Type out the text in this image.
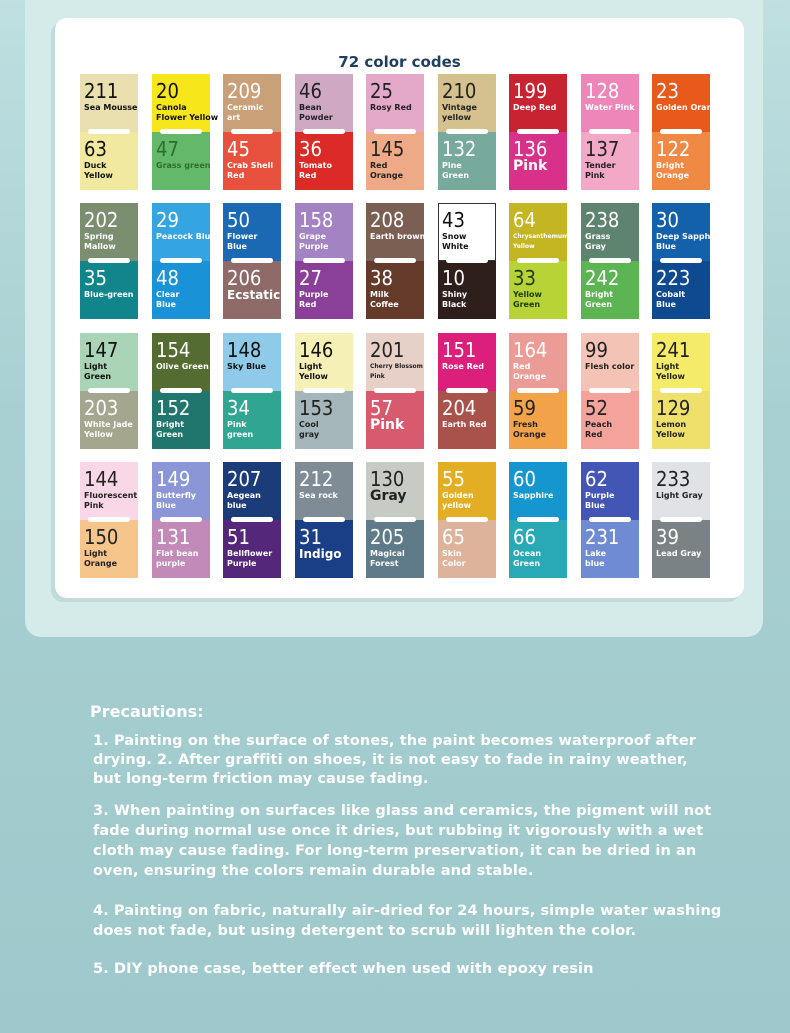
72 color codes
211
Sea Mousse
63
Duck
Yellow
20
Canola
Flower Yellow
47
Grass green
209
Ceramic
art
45
Crab Shell
Red
46
Bean
Powder
36
Tomato
Red
25
Rosy Red
145
Red
Orange
210
Vintage
yellow
132
Pine
Green
199
Deep Red
136
Pink
128
Water Pink
137
Tender
Pink
23
Golden Orange
122
Bright
Orange
202
Spring
Mallow
35
Blue-green
29
Peacock Blue
48
Clear
Blue
50
Flower
Blue
206
Ecstatic
158
Grape
Purple
27
Purple
Red
208
Earth brown
38
Milk
Coffee
43
Snow
White
10
Shiny
Black
64
Chrysanthemum
Yellow
33
Yellow
Green
238
Grass
Gray
242
Bright
Green
30
Deep Sapphire
Blue
223
Cobalt
Blue
147
Light
Green
203
White Jade
Yellow
154
Olive Green
152
Bright
Green
148
Sky Blue
34
Pink
green
146
Light
Yellow
153
Cool
gray
201
Cherry Blossom
Pink
57
Pink
151
Rose Red
204
Earth Red
164
Red
Orange
59
Fresh
Orange
99
Flesh color
52
Peach
Red
241
Light
Yellow
129
Lemon
Yellow
144
Fluorescent
Pink
150
Light
Orange
149
Butterfly
Blue
131
Flat bean
purple
207
Aegean
blue
51
Bellflower
Purple
212
Sea rock
31
Indigo
130
Gray
205
Magical
Forest
55
Golden
yellow
65
Skin
Color
60
Sapphire
66
Ocean
Green
62
Purple
Blue
231
Lake
blue
233
Light Gray
39
Lead Gray
Precautions:
1. Painting on the surface of stones, the paint becomes waterproof after
drying. 2. After graffiti on shoes, it is not easy to fade in rainy weather,
but long-term friction may cause fading.
3. When painting on surfaces like glass and ceramics, the pigment will not
fade during normal use once it dries, but rubbing it vigorously with a wet
cloth may cause fading. For long-term preservation, it can be dried in an
oven, ensuring the colors remain durable and stable.
4. Painting on fabric, naturally air-dried for 24 hours, simple water washing
does not fade, but using detergent to scrub will lighten the color.
5. DIY phone case, better effect when used with epoxy resin
